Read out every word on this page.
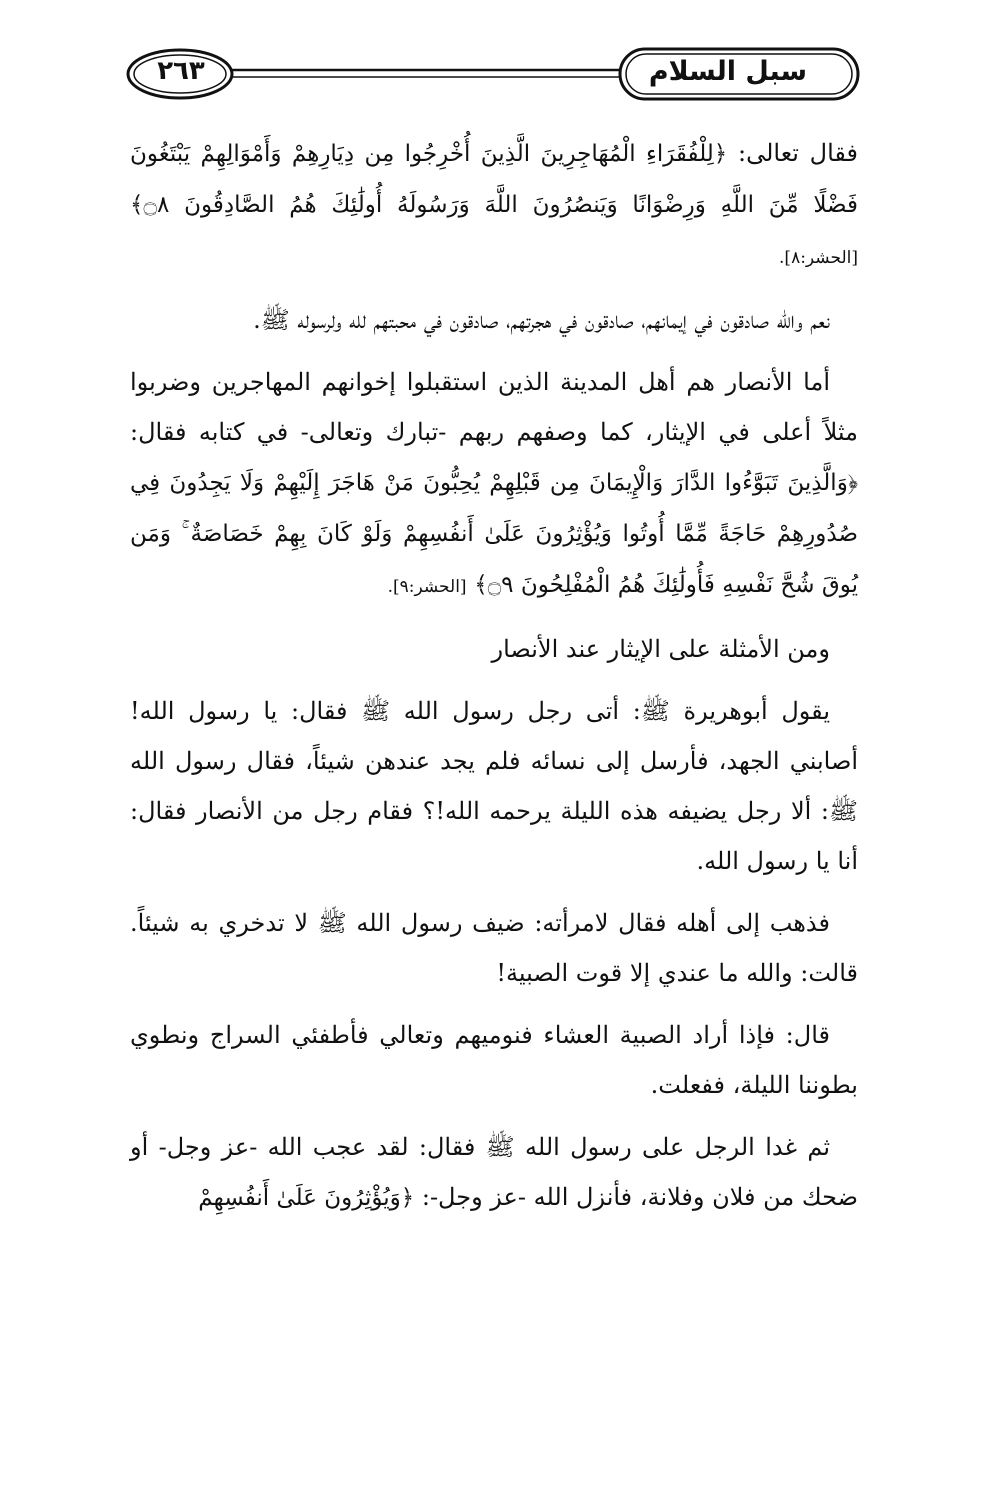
٢٦٣	سبل السلام

فقال تعالى: ﴿لِلْفُقَرَاءِ الْمُهَاجِرِينَ الَّذِينَ أُخْرِجُوا مِن دِيَارِهِمْ وَأَمْوَالِهِمْ يَبْتَغُونَ فَضْلًا مِّنَ اللَّهِ وَرِضْوَانًا وَيَنصُرُونَ اللَّهَ وَرَسُولَهُ أُولَٰئِكَ هُمُ الصَّادِقُونَ ۝٨﴾ [الحشر:٨].

نعم والله صادقون في إيمانهم، صادقون في هجرتهم، صادقون في محبتهم لله ولرسوله ﷺ.

أما الأنصار هم أهل المدينة الذين استقبلوا إخوانهم المهاجرين وضربوا مثلاً أعلى في الإيثار، كما وصفهم ربهم -تبارك وتعالى- في كتابه فقال: ﴿وَالَّذِينَ تَبَوَّءُوا الدَّارَ وَالْإِيمَانَ مِن قَبْلِهِمْ يُحِبُّونَ مَنْ هَاجَرَ إِلَيْهِمْ وَلَا يَجِدُونَ فِي صُدُورِهِمْ حَاجَةً مِّمَّا أُوتُوا وَيُؤْثِرُونَ عَلَىٰ أَنفُسِهِمْ وَلَوْ كَانَ بِهِمْ خَصَاصَةٌ ۚ وَمَن يُوقَ شُحَّ نَفْسِهِ فَأُولَٰئِكَ هُمُ الْمُفْلِحُونَ ۝٩﴾ [الحشر:٩].

ومن الأمثلة على الإيثار عند الأنصار

يقول أبوهريرة ﷺ: أتى رجل رسول الله ﷺ فقال: يا رسول الله! أصابني الجهد، فأرسل إلى نسائه فلم يجد عندهن شيئاً، فقال رسول الله ﷺ: ألا رجل يضيفه هذه الليلة يرحمه الله!؟ فقام رجل من الأنصار فقال: أنا يا رسول الله.

فذهب إلى أهله فقال لامرأته: ضيف رسول الله ﷺ لا تدخري به شيئاً. قالت: والله ما عندي إلا قوت الصبية!

قال: فإذا أراد الصبية العشاء فنوميهم وتعالي فأطفئي السراج ونطوي بطوننا الليلة، ففعلت.

ثم غدا الرجل على رسول الله ﷺ فقال: لقد عجب الله -عز وجل- أو ضحك من فلان وفلانة، فأنزل الله -عز وجل-: ﴿وَيُؤْثِرُونَ عَلَىٰ أَنفُسِهِمْ
